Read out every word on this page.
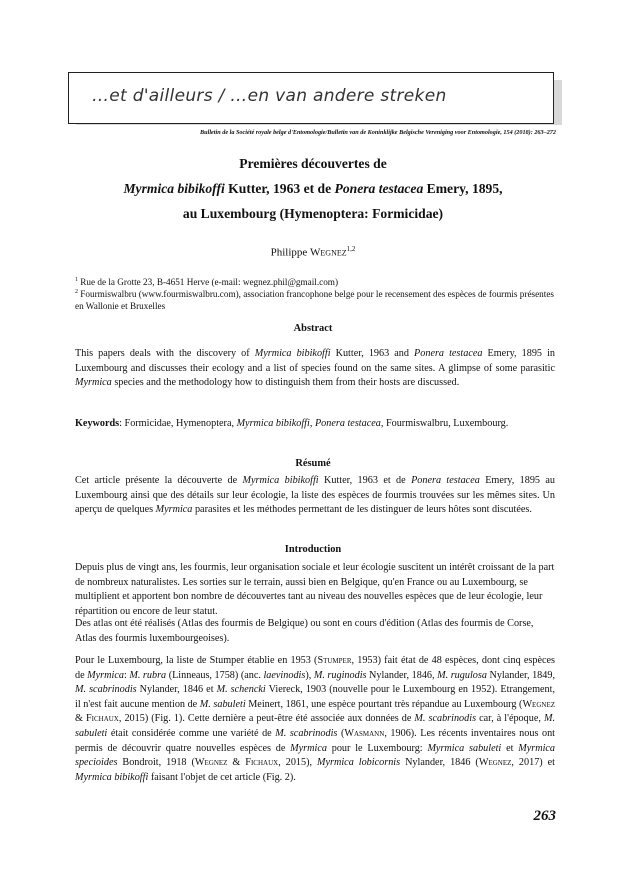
…et d'ailleurs / …en van andere streken
Bulletin de la Société royale belge d'Entomologie/Bulletin van de Koninklijke Belgische Vereniging voor Entomologie, 154 (2018): 263–272
Premières découvertes de
Myrmica bibikoffi Kutter, 1963 et de Ponera testacea Emery, 1895,
au Luxembourg (Hymenoptera: Formicidae)
Philippe Wegnez$^{1,2}$
$^1$ Rue de la Grotte 23, B-4651 Herve (e-mail: wegnez.phil@gmail.com)
$^2$ Fourmiswalbru (www.fourmiswalbru.com), association francophone belge pour le recensement des espèces de fourmis présentes en Wallonie et Bruxelles
Abstract
This papers deals with the discovery of Myrmica bibikoffi Kutter, 1963 and Ponera testacea Emery, 1895 in Luxembourg and discusses their ecology and a list of species found on the same sites. A glimpse of some parasitic Myrmica species and the methodology how to distinguish them from their hosts are discussed.
Keywords: Formicidae, Hymenoptera, Myrmica bibikoffi, Ponera testacea, Fourmiswalbru, Luxembourg.
Résumé
Cet article présente la découverte de Myrmica bibikoffi Kutter, 1963 et de Ponera testacea Emery, 1895 au Luxembourg ainsi que des détails sur leur écologie, la liste des espèces de fourmis trouvées sur les mêmes sites. Un aperçu de quelques Myrmica parasites et les méthodes permettant de les distinguer de leurs hôtes sont discutées.
Introduction
Depuis plus de vingt ans, les fourmis, leur organisation sociale et leur écologie suscitent un intérêt croissant de la part de nombreux naturalistes. Les sorties sur le terrain, aussi bien en Belgique, qu'en France ou au Luxembourg, se multiplient et apportent bon nombre de découvertes tant au niveau des nouvelles espèces que de leur écologie, leur répartition ou encore de leur statut.
Des atlas ont été réalisés (Atlas des fourmis de Belgique) ou sont en cours d'édition (Atlas des fourmis de Corse, Atlas des fourmis luxembourgeoises).
Pour le Luxembourg, la liste de Stumper établie en 1953 (Stumper, 1953) fait état de 48 espèces, dont cinq espèces de Myrmica: M. rubra (Linneaus, 1758) (anc. laevinodis), M. ruginodis Nylander, 1846, M. rugulosa Nylander, 1849, M. scabrinodis Nylander, 1846 et M. schencki Viereck, 1903 (nouvelle pour le Luxembourg en 1952). Etrangement, il n'est fait aucune mention de M. sabuleti Meinert, 1861, une espèce pourtant très répandue au Luxembourg (Wegnez & Fichaux, 2015) (Fig. 1). Cette dernière a peut-être été associée aux données de M. scabrinodis car, à l'époque, M. sabuleti était considérée comme une variété de M. scabrinodis (Wasmann, 1906). Les récents inventaires nous ont permis de découvrir quatre nouvelles espèces de Myrmica pour le Luxembourg: Myrmica sabuleti et Myrmica specioides Bondroit, 1918 (Wegnez & Fichaux, 2015), Myrmica lobicornis Nylander, 1846 (Wegnez, 2017) et Myrmica bibikoffi faisant l'objet de cet article (Fig. 2).
263
